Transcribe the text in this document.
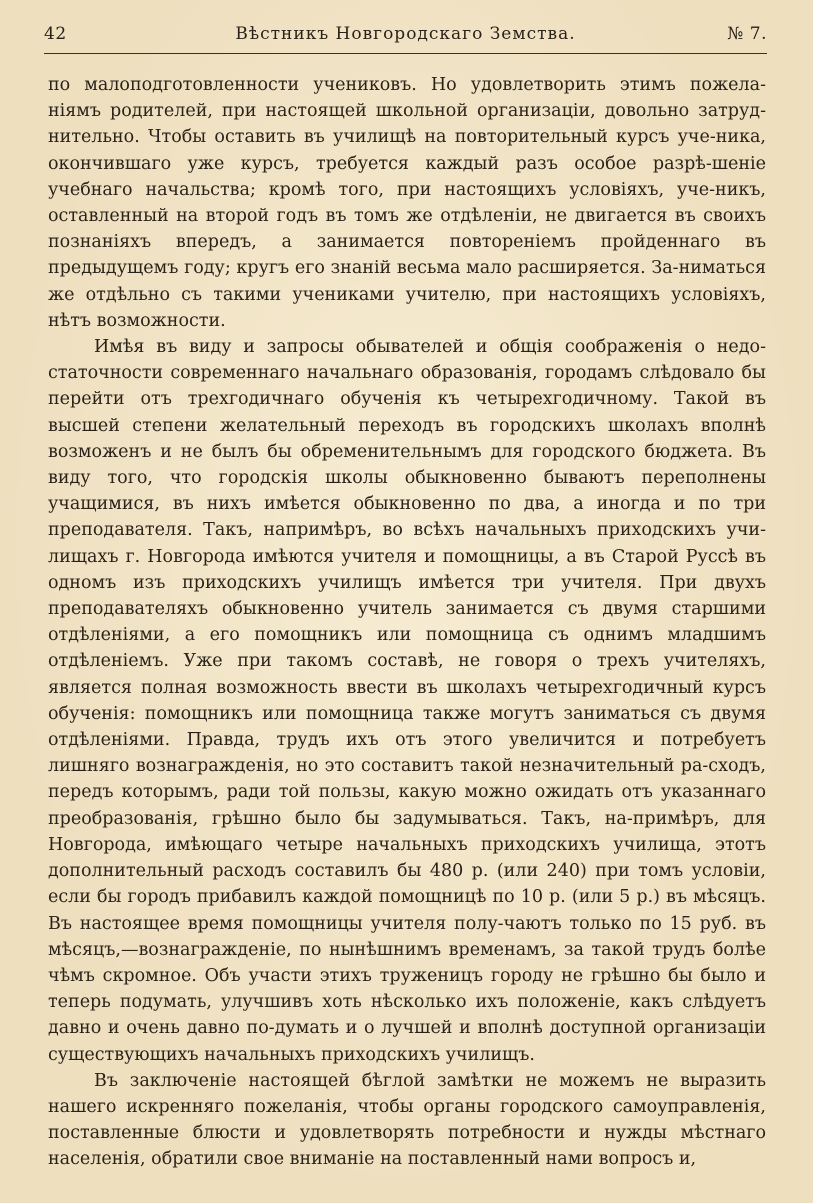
42	Вѣстникъ Новгородскаго Земства.	№ 7.

по малоподготовленности учениковъ. Но удовлетворить этимъ пожела-ніямъ родителей, при настоящей школьной организаціи, довольно затруд-нительно. Чтобы оставить въ училищѣ на повторительный курсъ уче-ника, окончившаго уже курсъ, требуется каждый разъ особое разрѣ-шеніе учебнаго начальства; кромѣ того, при настоящихъ условіяхъ, уче-никъ, оставленный на второй годъ въ томъ же отдѣленіи, не двигается въ своихъ познаніяхъ впередъ, а занимается повтореніемъ пройденнаго въ предыдущемъ году; кругъ его знаній весьма мало расширяется. За-ниматься же отдѣльно съ такими учениками учителю, при настоящихъ условіяхъ, нѣтъ возможности.

Имѣя въ виду и запросы обывателей и общія соображенія о недо-статочности современнаго начальнаго образованія, городамъ слѣдовало бы перейти отъ трехгодичнаго обученія къ четырехгодичному. Такой въ высшей степени желательный переходъ въ городскихъ школахъ вполнѣ возможенъ и не былъ бы обременительнымъ для городского бюджета. Въ виду того, что городскія школы обыкновенно бываютъ переполнены учащимися, въ нихъ имѣется обыкновенно по два, а иногда и по три преподавателя. Такъ, напримѣръ, во всѣхъ начальныхъ приходскихъ учи-лищахъ г. Новгорода имѣются учителя и помощницы, а въ Старой Руссѣ въ одномъ изъ приходскихъ училищъ имѣется три учителя. При двухъ преподавателяхъ обыкновенно учитель занимается съ двумя старшими отдѣленіями, а его помощникъ или помощница съ однимъ младшимъ отдѣленіемъ. Уже при такомъ составѣ, не говоря о трехъ учителяхъ, является полная возможность ввести въ школахъ четырехгодичный курсъ обученія: помощникъ или помощница также могутъ заниматься съ двумя отдѣленіями. Правда, трудъ ихъ отъ этого увеличится и потребуетъ лишняго вознагражденія, но это составитъ такой незначительный ра-сходъ, передъ которымъ, ради той пользы, какую можно ожидать отъ указаннаго преобразованія, грѣшно было бы задумываться. Такъ, на-примѣръ, для Новгорода, имѣющаго четыре начальныхъ приходскихъ училища, этотъ дополнительный расходъ составилъ бы 480 р. (или 240) при томъ условіи, если бы городъ прибавилъ каждой помощницѣ по 10 р. (или 5 р.) въ мѣсяцъ. Въ настоящее время помощницы учителя полу-чаютъ только по 15 руб. въ мѣсяцъ,—вознагражденіе, по нынѣшнимъ временамъ, за такой трудъ болѣе чѣмъ скромное. Объ участи этихъ труженицъ городу не грѣшно бы было и теперь подумать, улучшивъ хоть нѣсколько ихъ положеніе, какъ слѣдуетъ давно и очень давно по-думать и о лучшей и вполнѣ доступной организаціи существующихъ начальныхъ приходскихъ училищъ.

Въ заключеніе настоящей бѣглой замѣтки не можемъ не выразить нашего искренняго пожеланія, чтобы органы городского самоуправленія, поставленные блюсти и удовлетворять потребности и нужды мѣстнаго населенія, обратили свое вниманіе на поставленный нами вопросъ и,
